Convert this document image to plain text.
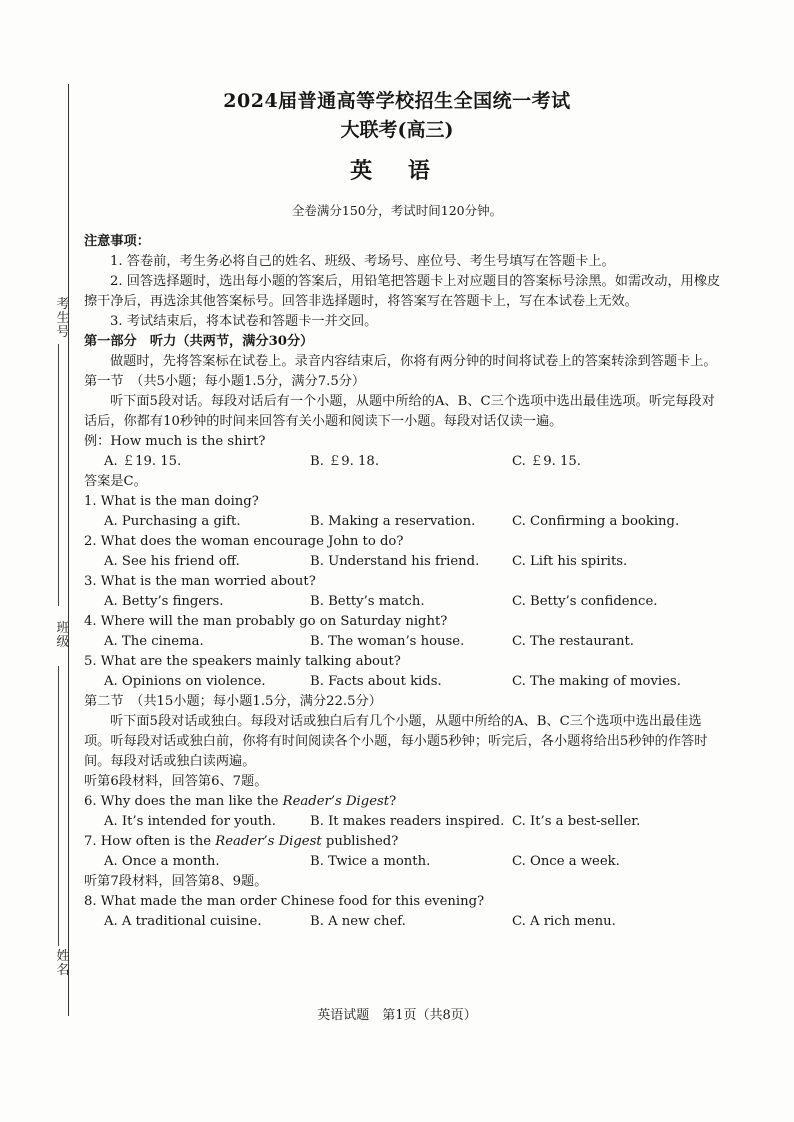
考生号
班级
姓名
2024届普通高等学校招生全国统一考试
大联考(高三)
英 语
全卷满分150分，考试时间120分钟。

注意事项：

1. 答卷前，考生务必将自己的姓名、班级、考场号、座位号、考生号填写在答题卡上。

2. 回答选择题时，选出每小题的答案后，用铅笔把答题卡上对应题目的答案标号涂黑。如需改动，用橡皮擦干净后，再选涂其他答案标号。回答非选择题时，将答案写在答题卡上，写在本试卷上无效。

3. 考试结束后，将本试卷和答题卡一并交回。

第一部分　听力（共两节，满分30分）

做题时，先将答案标在试卷上。录音内容结束后，你将有两分钟的时间将试卷上的答案转涂到答题卡上。

第一节　（共5小题；每小题1.5分，满分7.5分）

听下面5段对话。每段对话后有一个小题，从题中所给的A、B、C三个选项中选出最佳选项。听完每段对话后，你都有10秒钟的时间来回答有关小题和阅读下一小题。每段对话仅读一遍。

例：How much is the shirt?

A. ￡19. 15.	B. ￡9. 18.	C. ￡9. 15.

答案是C。

1. What is the man doing?

A. Purchasing a gift.	B. Making a reservation.	C. Confirming a booking.

2. What does the woman encourage John to do?

A. See his friend off.	B. Understand his friend.	C. Lift his spirits.

3. What is the man worried about?

A. Betty’s fingers.	B. Betty’s match.	C. Betty’s confidence.

4. Where will the man probably go on Saturday night?

A. The cinema.	B. The woman’s house.	C. The restaurant.

5. What are the speakers mainly talking about?

A. Opinions on violence.	B. Facts about kids.	C. The making of movies.

第二节　（共15小题；每小题1.5分，满分22.5分）

听下面5段对话或独白。每段对话或独白后有几个小题，从题中所给的A、B、C三个选项中选出最佳选项。听每段对话或独白前，你将有时间阅读各个小题，每小题5秒钟；听完后，各小题将给出5秒钟的作答时间。每段对话或独白读两遍。

听第6段材料，回答第6、7题。

6. Why does the man like the Reader’s Digest?

A. It’s intended for youth.	B. It makes readers inspired. C. It’s a best-seller.

7. How often is the Reader’s Digest published?

A. Once a month.	B. Twice a month.	C. Once a week.

听第7段材料，回答第8、9题。

8. What made the man order Chinese food for this evening?

A. A traditional cuisine.	B. A new chef.	C. A rich menu.
英语试题　第1页（共8页）
